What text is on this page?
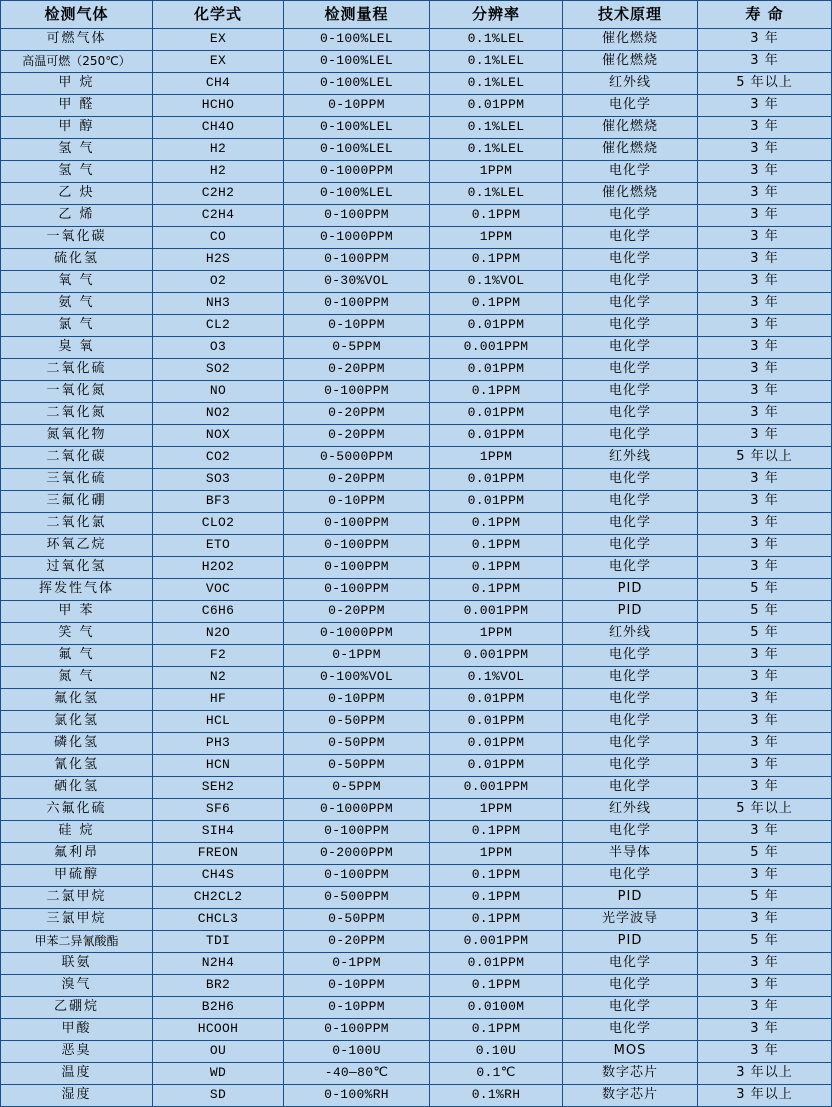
检测气体	化学式	检测量程	分辨率	技术原理	寿 命
可燃气体	EX	0-100%LEL	0.1%LEL	催化燃烧	3 年
高温可燃（250℃）	EX	0-100%LEL	0.1%LEL	催化燃烧	3 年
甲 烷	CH4	0-100%LEL	0.1%LEL	红外线	5 年以上
甲 醛	HCHO	0-10PPM	0.01PPM	电化学	3 年
甲 醇	CH4O	0-100%LEL	0.1%LEL	催化燃烧	3 年
氢 气	H2	0-100%LEL	0.1%LEL	催化燃烧	3 年
氢 气	H2	0-1000PPM	1PPM	电化学	3 年
乙 炔	C2H2	0-100%LEL	0.1%LEL	催化燃烧	3 年
乙 烯	C2H4	0-100PPM	0.1PPM	电化学	3 年
一氧化碳	CO	0-1000PPM	1PPM	电化学	3 年
硫化氢	H2S	0-100PPM	0.1PPM	电化学	3 年
氧 气	O2	0-30%VOL	0.1%VOL	电化学	3 年
氨 气	NH3	0-100PPM	0.1PPM	电化学	3 年
氯 气	CL2	0-10PPM	0.01PPM	电化学	3 年
臭 氧	O3	0-5PPM	0.001PPM	电化学	3 年
二氧化硫	SO2	0-20PPM	0.01PPM	电化学	3 年
一氧化氮	NO	0-100PPM	0.1PPM	电化学	3 年
二氧化氮	NO2	0-20PPM	0.01PPM	电化学	3 年
氮氧化物	NOX	0-20PPM	0.01PPM	电化学	3 年
二氧化碳	CO2	0-5000PPM	1PPM	红外线	5 年以上
三氧化硫	SO3	0-20PPM	0.01PPM	电化学	3 年
三氟化硼	BF3	0-10PPM	0.01PPM	电化学	3 年
二氧化氯	CLO2	0-100PPM	0.1PPM	电化学	3 年
环氧乙烷	ETO	0-100PPM	0.1PPM	电化学	3 年
过氧化氢	H2O2	0-100PPM	0.1PPM	电化学	3 年
挥发性气体	VOC	0-100PPM	0.1PPM	PID	5 年
甲 苯	C6H6	0-20PPM	0.001PPM	PID	5 年
笑 气	N2O	0-1000PPM	1PPM	红外线	5 年
氟 气	F2	0-1PPM	0.001PPM	电化学	3 年
氮 气	N2	0-100%VOL	0.1%VOL	电化学	3 年
氟化氢	HF	0-10PPM	0.01PPM	电化学	3 年
氯化氢	HCL	0-50PPM	0.01PPM	电化学	3 年
磷化氢	PH3	0-50PPM	0.01PPM	电化学	3 年
氰化氢	HCN	0-50PPM	0.01PPM	电化学	3 年
硒化氢	SEH2	0-5PPM	0.001PPM	电化学	3 年
六氟化硫	SF6	0-1000PPM	1PPM	红外线	5 年以上
硅 烷	SIH4	0-100PPM	0.1PPM	电化学	3 年
氟利昂	FREON	0-2000PPM	1PPM	半导体	5 年
甲硫醇	CH4S	0-100PPM	0.1PPM	电化学	3 年
二氯甲烷	CH2CL2	0-500PPM	0.1PPM	PID	5 年
三氯甲烷	CHCL3	0-50PPM	0.1PPM	光学波导	3 年
甲苯二异氰酸酯	TDI	0-20PPM	0.001PPM	PID	5 年
联氨	N2H4	0-1PPM	0.01PPM	电化学	3 年
溴气	BR2	0-10PPM	0.1PPM	电化学	3 年
乙硼烷	B2H6	0-10PPM	0.0100M	电化学	3 年
甲酸	HCOOH	0-100PPM	0.1PPM	电化学	3 年
恶臭	OU	0-100U	0.10U	MOS	3 年
温度	WD	-40—80℃	0.1℃	数字芯片	3 年以上
湿度	SD	0-100%RH	0.1%RH	数字芯片	3 年以上
